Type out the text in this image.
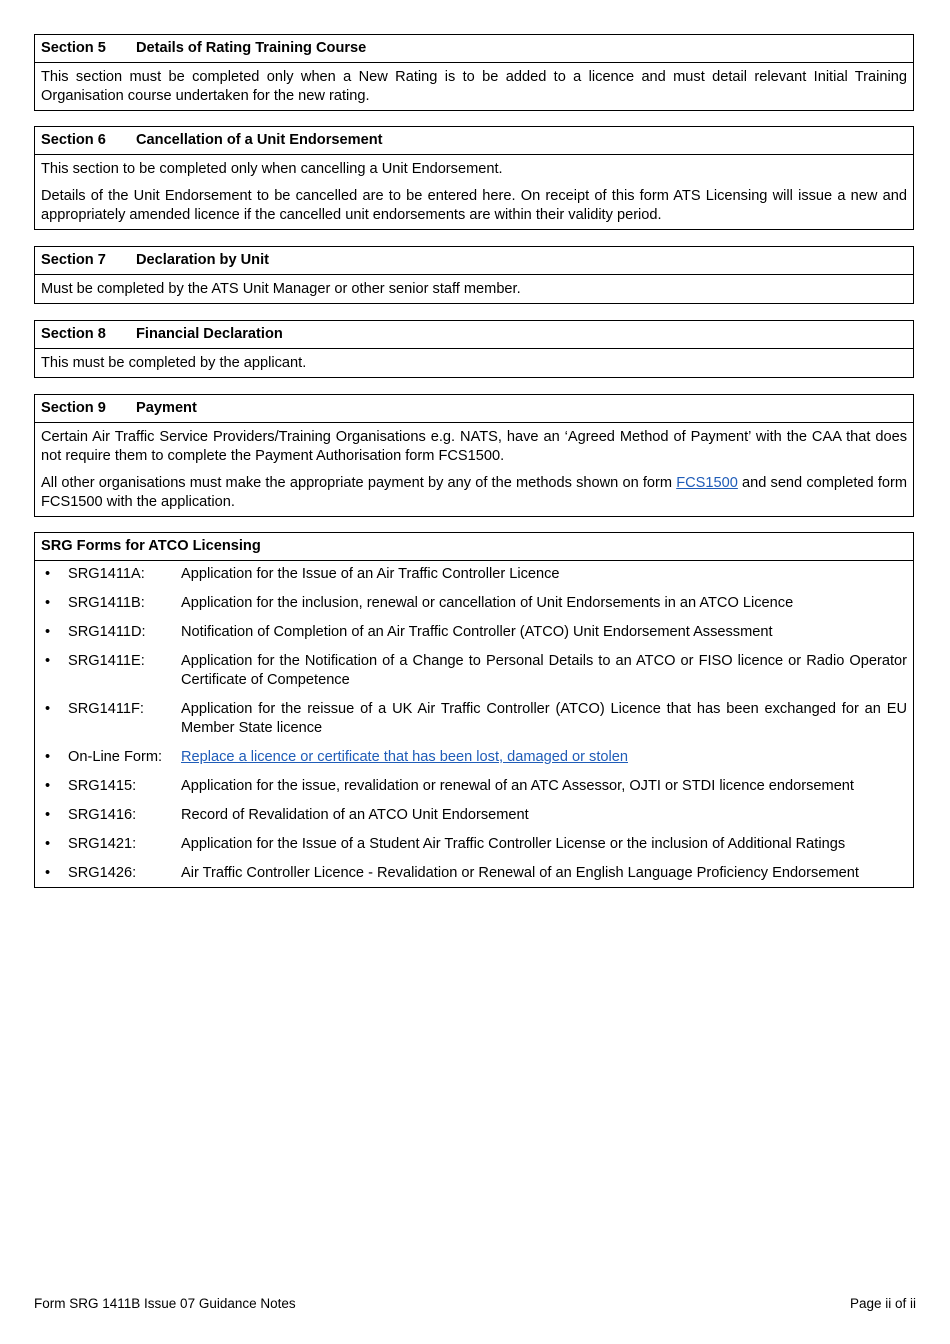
Section 5 Details of Rating Training Course

This section must be completed only when a New Rating is to be added to a licence and must detail relevant Initial Training Organisation course undertaken for the new rating.

Section 6 Cancellation of a Unit Endorsement

This section to be completed only when cancelling a Unit Endorsement.

Details of the Unit Endorsement to be cancelled are to be entered here. On receipt of this form ATS Licensing will issue a new and appropriately amended licence if the cancelled unit endorsements are within their validity period.

Section 7 Declaration by Unit

Must be completed by the ATS Unit Manager or other senior staff member.

Section 8 Financial Declaration

This must be completed by the applicant.

Section 9 Payment

Certain Air Traffic Service Providers/Training Organisations e.g. NATS, have an ‘Agreed Method of Payment’ with the CAA that does not require them to complete the Payment Authorisation form FCS1500.

All other organisations must make the appropriate payment by any of the methods shown on form FCS1500 and send completed form FCS1500 with the application.

SRG Forms for ATCO Licensing
•	SRG1411A:	Application for the Issue of an Air Traffic Controller Licence
•	SRG1411B:	Application for the inclusion, renewal or cancellation of Unit Endorsements in an ATCO Licence
•	SRG1411D:	Notification of Completion of an Air Traffic Controller (ATCO) Unit Endorsement Assessment
•	SRG1411E:	Application for the Notification of a Change to Personal Details to an ATCO or FISO licence or Radio Operator Certificate of Competence
•	SRG1411F:	Application for the reissue of a UK Air Traffic Controller (ATCO) Licence that has been exchanged for an EU Member State licence
•	On-Line Form:	Replace a licence or certificate that has been lost, damaged or stolen
•	SRG1415:	Application for the issue, revalidation or renewal of an ATC Assessor, OJTI or STDI licence endorsement
•	SRG1416:	Record of Revalidation of an ATCO Unit Endorsement
•	SRG1421:	Application for the Issue of a Student Air Traffic Controller License or the inclusion of Additional Ratings
•	SRG1426:	Air Traffic Controller Licence - Revalidation or Renewal of an English Language Proficiency Endorsement
Form SRG 1411B Issue 07 Guidance Notes	Page ii of ii
